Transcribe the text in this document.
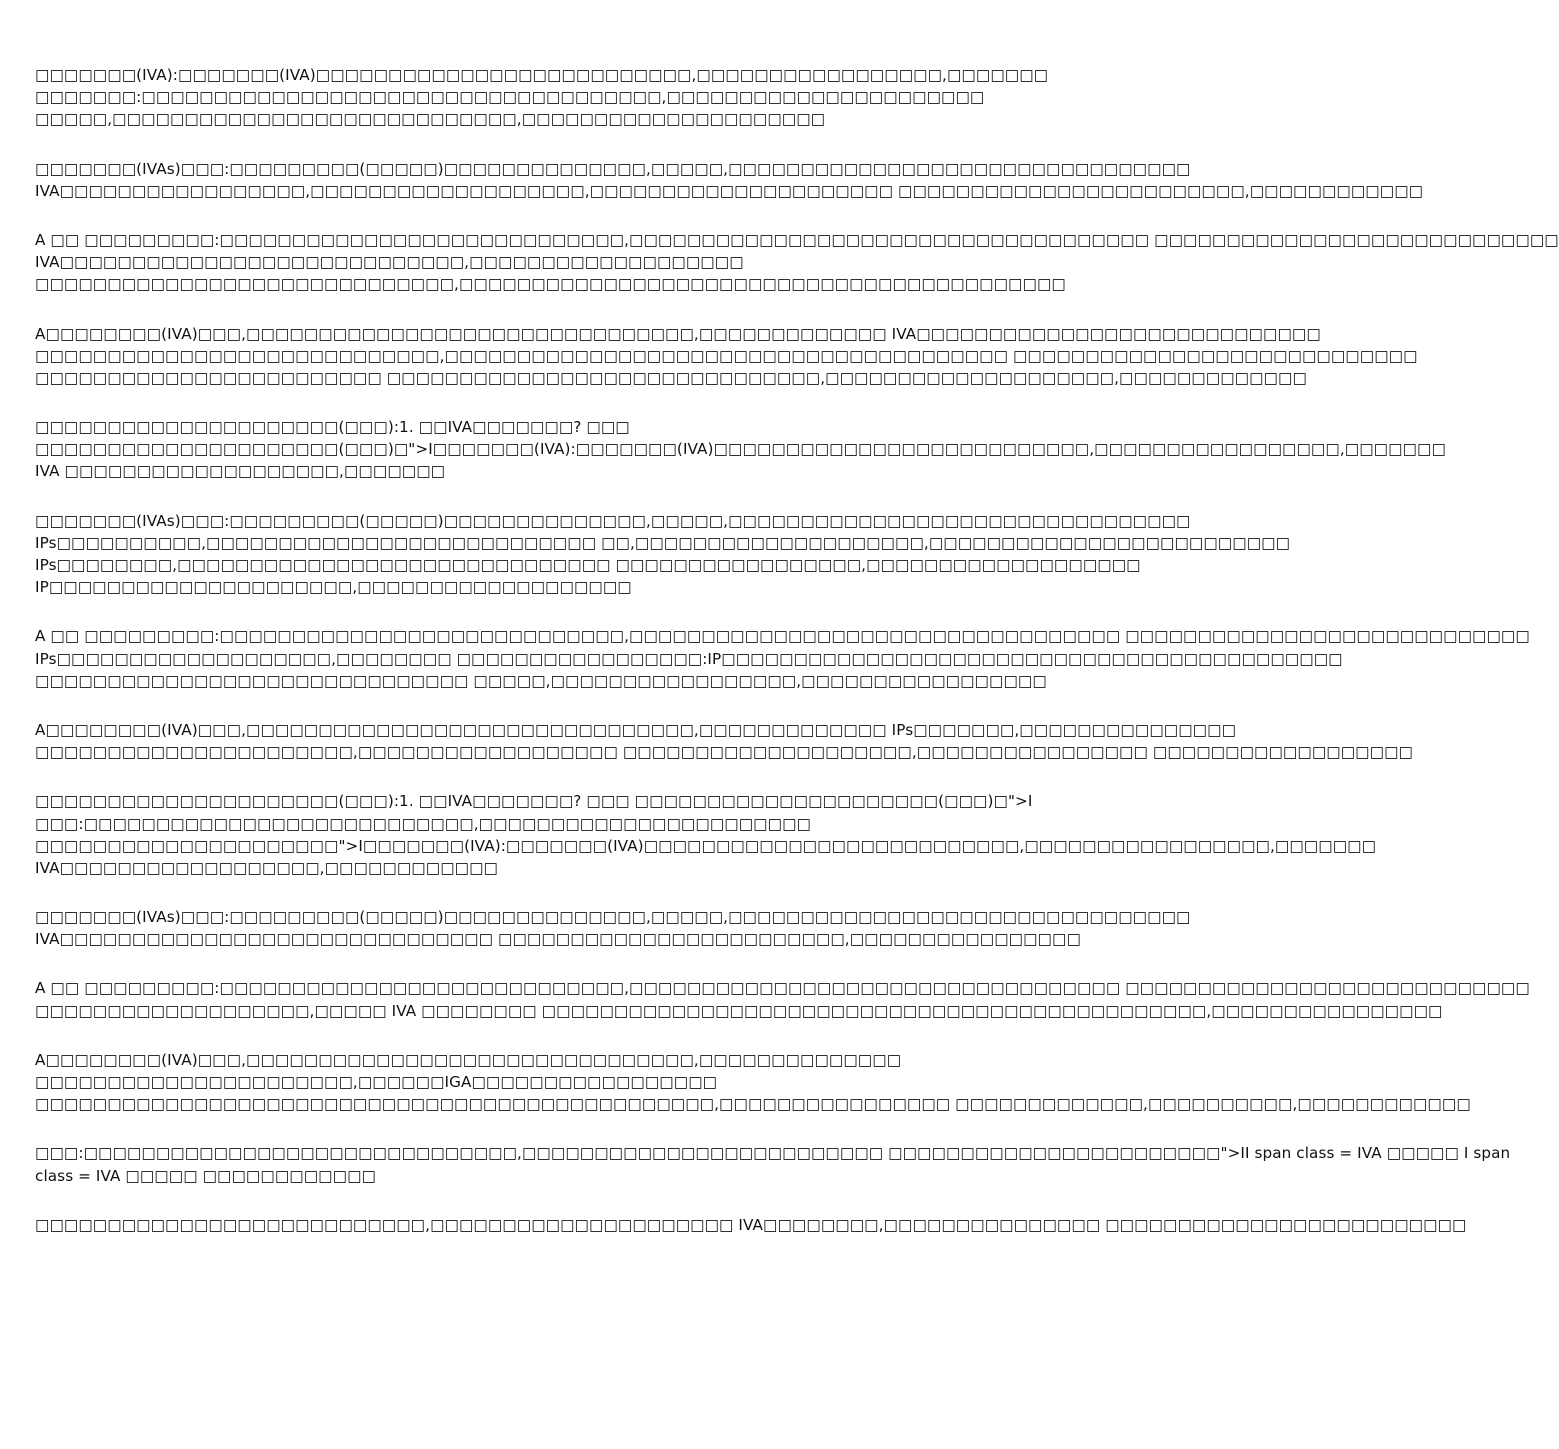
□□□□□□□(IVA):□□□□□□□(IVA)□□□□□□□□□□□□□□□□□□□□□□□□□□,□□□□□□□□□□□□□□□□□,□□□□□□□
□□□□□□□:□□□□□□□□□□□□□□□□□□□□□□□□□□□□□□□□□□□□,□□□□□□□□□□□□□□□□□□□□□□
□□□□□,□□□□□□□□□□□□□□□□□□□□□□□□□□□□,□□□□□□□□□□□□□□□□□□□□□
□□□□□□□(IVAs)□□□:□□□□□□□□□(□□□□□)□□□□□□□□□□□□□□,□□□□□,□□□□□□□□□□□□□□□□□□□□□□□□□□□□□□□□
IVA□□□□□□□□□□□□□□□□□,□□□□□□□□□□□□□□□□□□□,□□□□□□□□□□□□□□□□□□□□□ □□□□□□□□□□□□□□□□□□□□□□□□,□□□□□□□□□□□□
A □□ □□□□□□□□□:□□□□□□□□□□□□□□□□□□□□□□□□□□□□,□□□□□□□□□□□□□□□□□□□□□□□□□□□□□□□□□□□□ □□□□□□□□□□□□□□□□□□□□□□□□□□□□
IVA□□□□□□□□□□□□□□□□□□□□□□□□□□□□,□□□□□□□□□□□□□□□□□□□
□□□□□□□□□□□□□□□□□□□□□□□□□□□□□,□□□□□□□□□□□□□□□□□□□□□□□□□□□□□□□□□□□□□□□□□□
A□□□□□□□□(IVA)□□□,□□□□□□□□□□□□□□□□□□□□□□□□□□□□□□□,□□□□□□□□□□□□□ IVA□□□□□□□□□□□□□□□□□□□□□□□□□□□□
□□□□□□□□□□□□□□□□□□□□□□□□□□□□,□□□□□□□□□□□□□□□□□□□□□□□□□□□□□□□□□□□□□□□ □□□□□□□□□□□□□□□□□□□□□□□□□□□□
□□□□□□□□□□□□□□□□□□□□□□□□ □□□□□□□□□□□□□□□□□□□□□□□□□□□□□□,□□□□□□□□□□□□□□□□□□□□,□□□□□□□□□□□□□
□□□□□□□□□□□□□□□□□□□□□(□□□):1. □□IVA□□□□□□□? □□□
□□□□□□□□□□□□□□□□□□□□□(□□□)□">I□□□□□□□(IVA):□□□□□□□(IVA)□□□□□□□□□□□□□□□□□□□□□□□□□□,□□□□□□□□□□□□□□□□□,□□□□□□□
IVA □□□□□□□□□□□□□□□□□□□,□□□□□□□
□□□□□□□(IVAs)□□□:□□□□□□□□□(□□□□□)□□□□□□□□□□□□□□,□□□□□,□□□□□□□□□□□□□□□□□□□□□□□□□□□□□□□□
IPs□□□□□□□□□□,□□□□□□□□□□□□□□□□□□□□□□□□□□□ □□,□□□□□□□□□□□□□□□□□□□□,□□□□□□□□□□□□□□□□□□□□□□□□□
IPs□□□□□□□□,□□□□□□□□□□□□□□□□□□□□□□□□□□□□□□ □□□□□□□□□□□□□□□□□,□□□□□□□□□□□□□□□□□□□
IP□□□□□□□□□□□□□□□□□□□□□,□□□□□□□□□□□□□□□□□□□
A □□ □□□□□□□□□:□□□□□□□□□□□□□□□□□□□□□□□□□□□□,□□□□□□□□□□□□□□□□□□□□□□□□□□□□□□□□□□ □□□□□□□□□□□□□□□□□□□□□□□□□□□□
IPs□□□□□□□□□□□□□□□□□□□,□□□□□□□□ □□□□□□□□□□□□□□□□□:IP□□□□□□□□□□□□□□□□□□□□□□□□□□□□□□□□□□□□□□□□□□□
□□□□□□□□□□□□□□□□□□□□□□□□□□□□□□ □□□□□,□□□□□□□□□□□□□□□□□,□□□□□□□□□□□□□□□□□
A□□□□□□□□(IVA)□□□,□□□□□□□□□□□□□□□□□□□□□□□□□□□□□□□,□□□□□□□□□□□□□ IPs□□□□□□□,□□□□□□□□□□□□□□□
□□□□□□□□□□□□□□□□□□□□□□,□□□□□□□□□□□□□□□□□□ □□□□□□□□□□□□□□□□□□□□,□□□□□□□□□□□□□□□□ □□□□□□□□□□□□□□□□□□
□□□□□□□□□□□□□□□□□□□□□(□□□):1. □□IVA□□□□□□□? □□□ □□□□□□□□□□□□□□□□□□□□□(□□□)□">I
□□□:□□□□□□□□□□□□□□□□□□□□□□□□□□□,□□□□□□□□□□□□□□□□□□□□□□□
□□□□□□□□□□□□□□□□□□□□□">I□□□□□□□(IVA):□□□□□□□(IVA)□□□□□□□□□□□□□□□□□□□□□□□□□□,□□□□□□□□□□□□□□□□□,□□□□□□□
IVA□□□□□□□□□□□□□□□□□□,□□□□□□□□□□□□
□□□□□□□(IVAs)□□□:□□□□□□□□□(□□□□□)□□□□□□□□□□□□□□,□□□□□,□□□□□□□□□□□□□□□□□□□□□□□□□□□□□□□□
IVA□□□□□□□□□□□□□□□□□□□□□□□□□□□□□□ □□□□□□□□□□□□□□□□□□□□□□□□,□□□□□□□□□□□□□□□□
A □□ □□□□□□□□□:□□□□□□□□□□□□□□□□□□□□□□□□□□□□,□□□□□□□□□□□□□□□□□□□□□□□□□□□□□□□□□□ □□□□□□□□□□□□□□□□□□□□□□□□□□□□
□□□□□□□□□□□□□□□□□□□,□□□□□ IVA □□□□□□□□ □□□□□□□□□□□□□□□□□□□□□□□□□□□□□□□□□□□□□□□□□□□□□□,□□□□□□□□□□□□□□□□
A□□□□□□□□(IVA)□□□,□□□□□□□□□□□□□□□□□□□□□□□□□□□□□□□,□□□□□□□□□□□□□□
□□□□□□□□□□□□□□□□□□□□□□,□□□□□□IGA□□□□□□□□□□□□□□□□□
□□□□□□□□□□□□□□□□□□□□□□□□□□□□□□□□□□□□□□□□□□□□□□□,□□□□□□□□□□□□□□□□ □□□□□□□□□□□□□,□□□□□□□□□□,□□□□□□□□□□□□
□□□:□□□□□□□□□□□□□□□□□□□□□□□□□□□□□□,□□□□□□□□□□□□□□□□□□□□□□□□□ □□□□□□□□□□□□□□□□□□□□□□□">II span class = IVA □□□□□ I span
class = IVA □□□□□ □□□□□□□□□□□□
□□□□□□□□□□□□□□□□□□□□□□□□□□□,□□□□□□□□□□□□□□□□□□□□□ IVA□□□□□□□□,□□□□□□□□□□□□□□□ □□□□□□□□□□□□□□□□□□□□□□□□□
